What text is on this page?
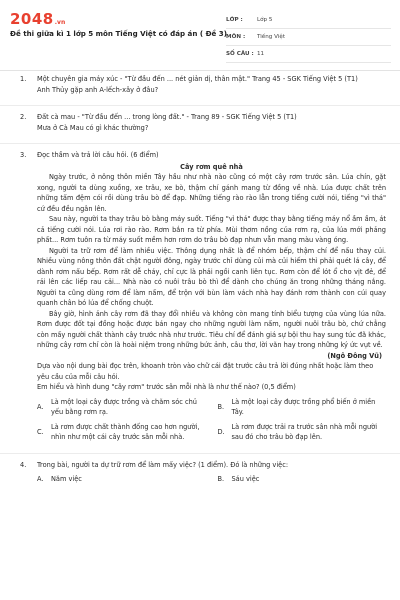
2048 .vn
Đề thi giữa kì 1 lớp 5 môn Tiếng Việt có đáp án ( Đề 3)
LỚP :	Lớp 5
MÔN :	Tiếng Việt
SỐ CÂU : 11
1. Một chuyên gia máy xúc - "Từ đầu đến ... nét giản dị, thân mật." Trang 45 - SGK Tiếng Việt 5 (T1)
Anh Thủy gặp anh A-lếch-xây ở đâu?
2. Đất cà mau - "Từ đầu đến ... trong lòng đất." - Trang 89 - SGK Tiếng Việt 5 (T1)
Mưa ở Cà Mau có gì khác thường?
3. Đọc thầm và trả lời câu hỏi. (6 điểm)
Cây rơm quê nhà

Ngày trước, ở nông thôn miền Tây hầu như nhà nào cũng có một cây rơm trước sân. Lúa chín, gặt xong, người ta dùng xuồng, xe trâu, xe bò, thậm chí gánh mang từ đồng về nhà. Lúa được chất trên những tấm đệm cói rồi dùng trâu bò để đạp. Những tiếng rào rào lẫn trong tiếng cười nói, tiếng "vì thá" cứ đều đều ngân lên.

Sau này, người ta thay trâu bò bằng máy suốt. Tiếng "vì thá" được thay bằng tiếng máy nổ ầm ầm, át cả tiếng cười nói. Lúa rơi rào rào. Rơm bắn ra từ phía. Mùi thơm nồng của rơm rạ, của lúa mới phảng phất... Rơm tuôn ra từ máy suốt mềm hơn rơm do trâu bò đạp nhưn vẫn mang màu vàng óng.

Người ta trữ rơm để làm nhiều việc. Thông dụng nhất là để nhóm bếp, thậm chí để nấu thay củi. Nhiều vùng nông thôn đất chật người đông, ngày trước chỉ dùng củi mà củi hiếm thì phải quét lá cây, để dành rơm nấu bếp. Rơm rất dễ cháy, chỉ cực là phải ngồi canh liên tục. Rơm còn để lót ổ cho vịt đẻ, để rải lên các liếp rau cải... Nhà nào có nuôi trâu bò thì để dành cho chúng ăn trong những tháng nắng. Người ta cũng dùng rơm để làm nấm, để trộn với bùn làm vách nhà hay đánh rơm thành con cúi quay quanh chân bó lúa để chống chuột.

Bây giờ, hình ảnh cây rơm đã thay đổi nhiều và không còn mang tính biểu tượng của vùng lúa nữa. Rơm được đốt tại đồng hoặc được bán ngay cho những người làm nấm, người nuôi trâu bò, chứ chẳng còn mấy người chất thành cây trước nhà như trước. Tiêu chí để đánh giá sự bội thu hay sung túc đã khác, những cây rơm chỉ còn là hoài niệm trong những bức ảnh, câu thơ, lời văn hay trong những ký ức vụt về.

(Ngô Đông Vũ)
Dựa vào nội dung bài đọc trên, khoanh tròn vào chữ cái đặt trước câu trả lời đúng nhất hoặc làm theo yêu cầu của mỗi câu hỏi.
Em hiểu và hình dung "cây rơm" trước sân mỗi nhà là như thế nào? (0,5 điểm)
A.
Là một loại cây được trồng và chăm sóc chủ yếu bằng rơm rạ.
B.
Là một loại cây được trồng phổ biến ở miền Tây.
C.
Là rơm được chất thành đống cao hơn người, nhìn như một cái cây trước sân mỗi nhà.
D.
Là rơm được trải ra trước sân nhà mỗi người sau đó cho trâu bò đạp lên.
4. Trong bài, người ta dự trữ rơm để làm mấy việc? (1 điểm). Đó là những việc:
A.	Năm việc	B.	Sáu việc
